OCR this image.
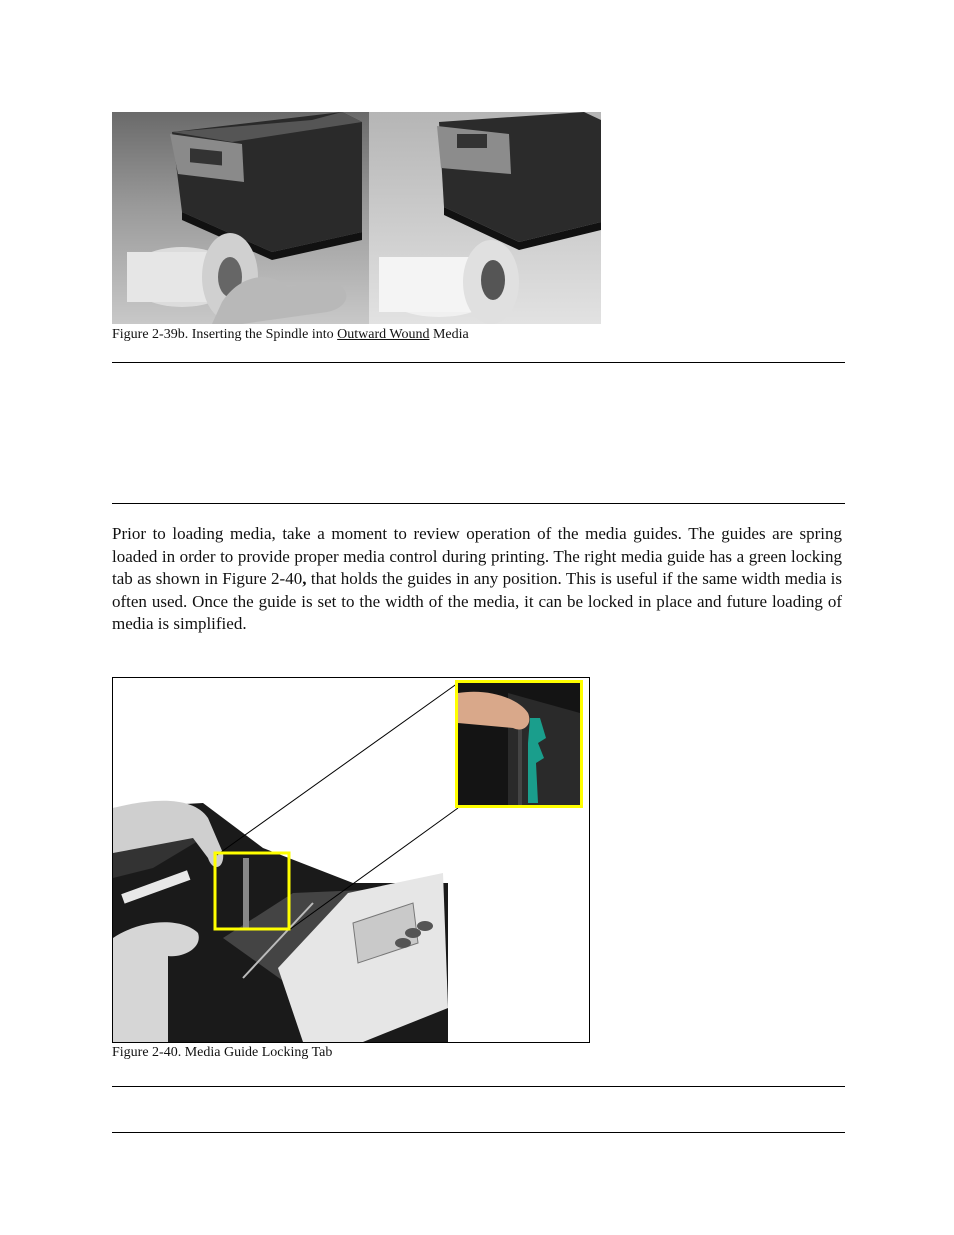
Figure 2-39b. Inserting the Spindle into Outward Wound Media

Prior to loading media, take a moment to review operation of the media guides. The guides are spring loaded in order to provide proper media control during printing. The right media guide has a green locking tab as shown in Figure 2-40, that holds the guides in any position. This is useful if the same width media is often used. Once the guide is set to the width of the media, it can be locked in place and future loading of media is simplified.

Figure 2-40. Media Guide Locking Tab
